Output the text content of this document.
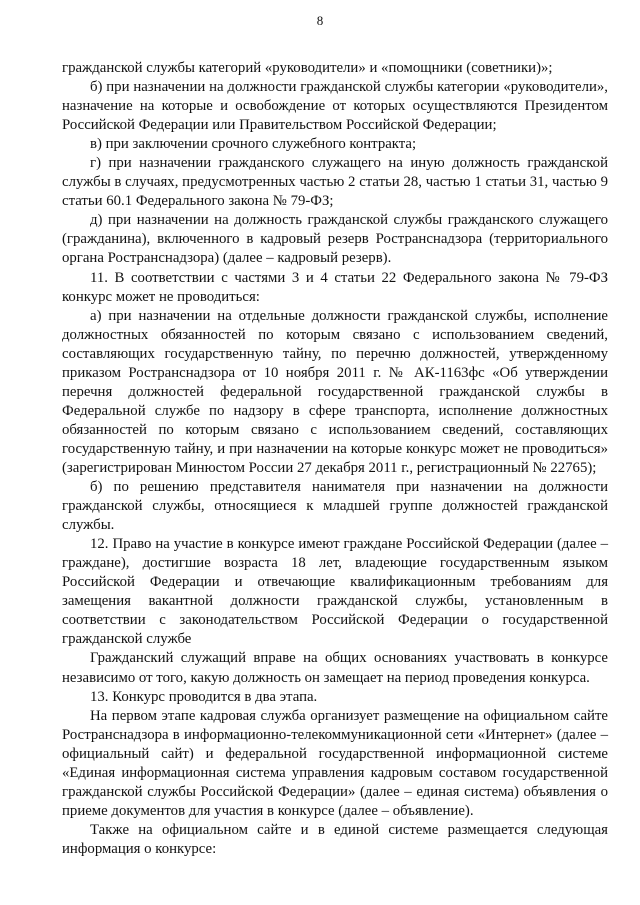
8

гражданской службы категорий «руководители» и «помощники (советники)»;

б) при назначении на должности гражданской службы категории «руководители», назначение на которые и освобождение от которых осуществляются Президентом Российской Федерации или Правительством Российской Федерации;

в) при заключении срочного служебного контракта;

г) при назначении гражданского служащего на иную должность гражданской службы в случаях, предусмотренных частью 2 статьи 28, частью 1 статьи 31, частью 9 статьи 60.1 Федерального закона № 79-ФЗ;

д) при назначении на должность гражданской службы гражданского служащего (гражданина), включенного в кадровый резерв Ространснадзора (территориального органа Ространснадзора) (далее – кадровый резерв).

11. В соответствии с частями 3 и 4 статьи 22 Федерального закона № 79-ФЗ конкурс может не проводиться:

а) при назначении на отдельные должности гражданской службы, исполнение должностных обязанностей по которым связано с использованием сведений, составляющих государственную тайну, по перечню должностей, утвержденному приказом Ространснадзора от 10 ноября 2011 г. № АК-1163фс «Об утверждении перечня должностей федеральной государственной гражданской службы в Федеральной службе по надзору в сфере транспорта, исполнение должностных обязанностей по которым связано с использованием сведений, составляющих государственную тайну, и при назначении на которые конкурс может не проводиться» (зарегистрирован Минюстом России 27 декабря 2011 г., регистрационный № 22765);

б) по решению представителя нанимателя при назначении на должности гражданской службы, относящиеся к младшей группе должностей гражданской службы.

12. Право на участие в конкурсе имеют граждане Российской Федерации (далее – граждане), достигшие возраста 18 лет, владеющие государственным языком Российской Федерации и отвечающие квалификационным требованиям для замещения вакантной должности гражданской службы, установленным в соответствии с законодательством Российской Федерации о государственной гражданской службе

Гражданский служащий вправе на общих основаниях участвовать в конкурсе независимо от того, какую должность он замещает на период проведения конкурса.

13. Конкурс проводится в два этапа.

На первом этапе кадровая служба организует размещение на официальном сайте Ространснадзора в информационно-телекоммуникационной сети «Интернет» (далее – официальный сайт) и федеральной государственной информационной системе «Единая информационная система управления кадровым составом государственной гражданской службы Российской Федерации» (далее – единая система) объявления о приеме документов для участия в конкурсе (далее – объявление).

Также на официальном сайте и в единой системе размещается следующая информация о конкурсе:
